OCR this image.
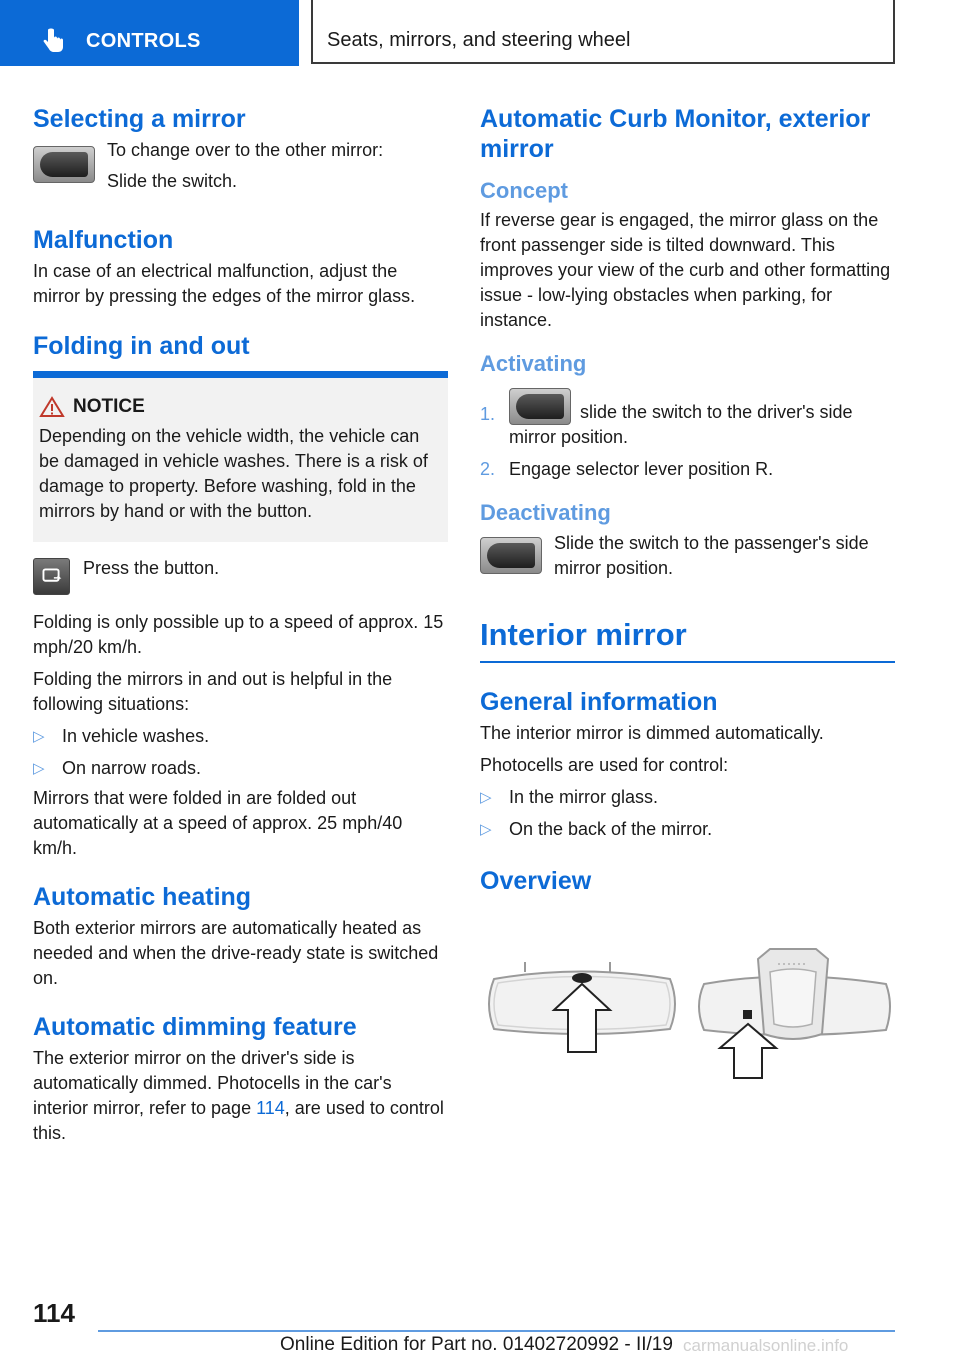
CONTROLS	Seats, mirrors, and steering wheel
Selecting a mirror

To change over to the other mirror:

Slide the switch.

Malfunction

In case of an electrical malfunction, adjust the mirror by pressing the edges of the mirror glass.

Folding in and out
NOTICE

Depending on the vehicle width, the vehicle can be damaged in vehicle washes. There is a risk of damage to property. Before washing, fold in the mirrors by hand or with the button.

Press the button.

Folding is only possible up to a speed of approx. 15 mph/20 km/h.

Folding the mirrors in and out is helpful in the following situations:

▷ In vehicle washes.
▷ On narrow roads.

Mirrors that were folded in are folded out automatically at a speed of approx. 25 mph/40 km/h.

Automatic heating

Both exterior mirrors are automatically heated as needed and when the drive-ready state is switched on.

Automatic dimming feature

The exterior mirror on the driver's side is automatically dimmed. Photocells in the car's interior mirror, refer to page 114, are used to control this.

Automatic Curb Monitor, exterior mirror
Concept

If reverse gear is engaged, the mirror glass on the front passenger side is tilted downward. This improves your view of the curb and other formatting issue - low-lying obstacles when parking, for instance.

Activating
1.	slide the switch to the driver's side mirror position.
2. Engage selector lever position R.
Deactivating

Slide the switch to the passenger's side mirror position.

Interior mirror
General information

The interior mirror is dimmed automatically.

Photocells are used for control:

▷ In the mirror glass.
▷ On the back of the mirror.
Overview
114
Online Edition for Part no. 01402720992 - II/19 carmanualsonline.info
